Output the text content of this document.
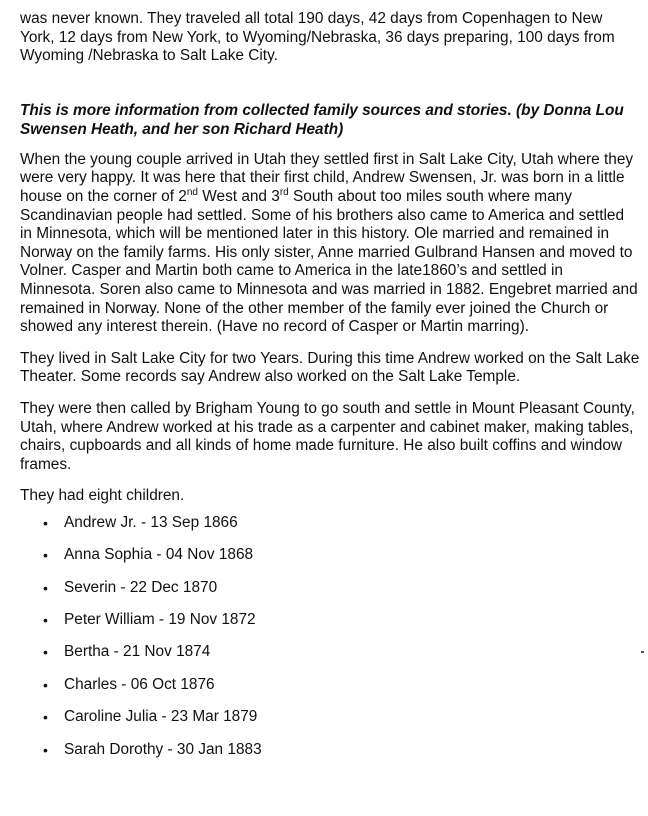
was never known. They traveled all total 190 days, 42 days from Copenhagen to New York, 12 days from New York, to Wyoming/Nebraska, 36 days preparing, 100 days from Wyoming /Nebraska to Salt Lake City.

This is more information from collected family sources and stories. (by Donna Lou Swensen Heath, and her son Richard Heath)

When the young couple arrived in Utah they settled first in Salt Lake City, Utah where they were very happy. It was here that their first child, Andrew Swensen, Jr. was born in a little house on the corner of 2nd West and 3rd South about too miles south where many Scandinavian people had settled. Some of his brothers also came to America and settled in Minnesota, which will be mentioned later in this history. Ole married and remained in Norway on the family farms. His only sister, Anne married Gulbrand Hansen and moved to Volner. Casper and Martin both came to America in the late1860’s and settled in Minnesota. Soren also came to Minnesota and was married in 1882. Engebret married and remained in Norway. None of the other member of the family ever joined the Church or showed any interest therein. (Have no record of Casper or Martin marring).

They lived in Salt Lake City for two Years. During this time Andrew worked on the Salt Lake Theater. Some records say Andrew also worked on the Salt Lake Temple.

They were then called by Brigham Young to go south and settle in Mount Pleasant County, Utah, where Andrew worked at his trade as a carpenter and cabinet maker, making tables, chairs, cupboards and all kinds of home made furniture. He also built coffins and window frames.

They had eight children.

• Andrew Jr. - 13 Sep 1866
• Anna Sophia - 04 Nov 1868
• Severin - 22 Dec 1870
• Peter William - 19 Nov 1872
• Bertha - 21 Nov 1874
• Charles - 06 Oct 1876
• Caroline Julia - 23 Mar 1879
• Sarah Dorothy - 30 Jan 1883
